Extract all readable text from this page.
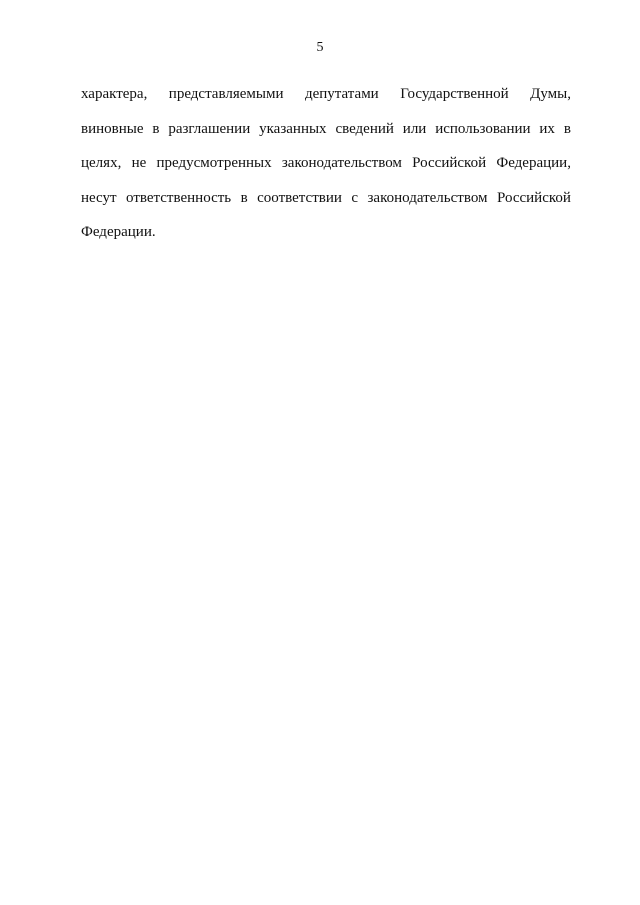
5
характера, представляемыми депутатами Государственной Думы,
виновные в разглашении указанных сведений или использовании их в
целях, не предусмотренных законодательством Российской Федерации,
несут ответственность в соответствии с законодательством Российской
Федерации.
